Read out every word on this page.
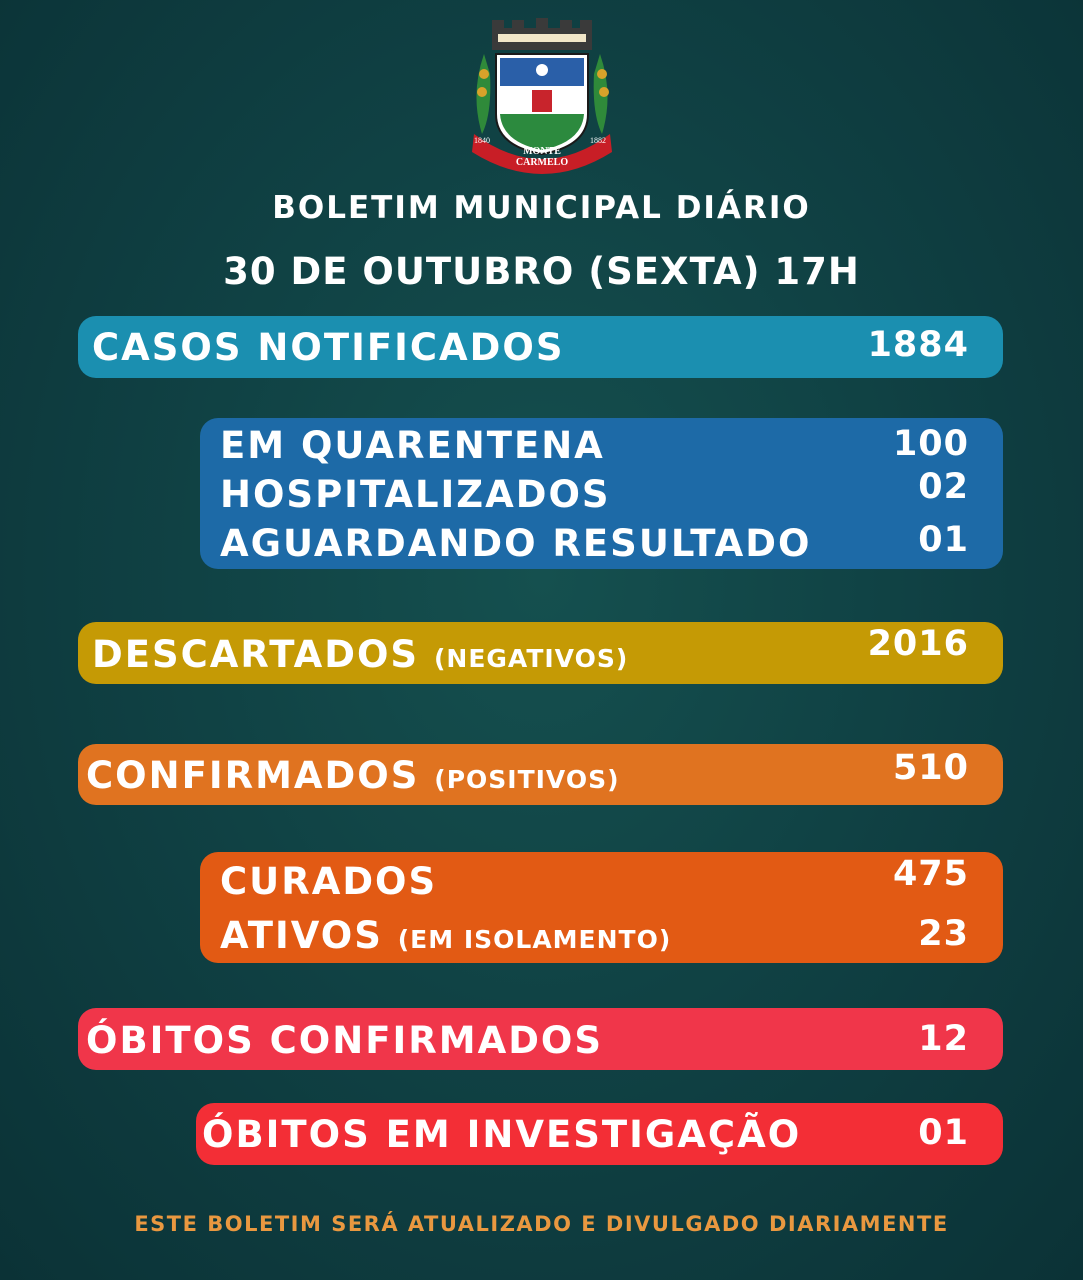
MONTE CARMELO
1840	1882
BOLETIM MUNICIPAL DIÁRIO
30 DE OUTUBRO (SEXTA) 17H
CASOS NOTIFICADOS	1884
EM QUARENTENA	100
HOSPITALIZADOS	02
AGUARDANDO RESULTADO	01
DESCARTADOS (NEGATIVOS)	2016
CONFIRMADOS (POSITIVOS)	510
CURADOS	475
ATIVOS (EM ISOLAMENTO)	23
ÓBITOS CONFIRMADOS	12
ÓBITOS EM INVESTIGAÇÃO	01
ESTE BOLETIM SERÁ ATUALIZADO E DIVULGADO DIARIAMENTE
